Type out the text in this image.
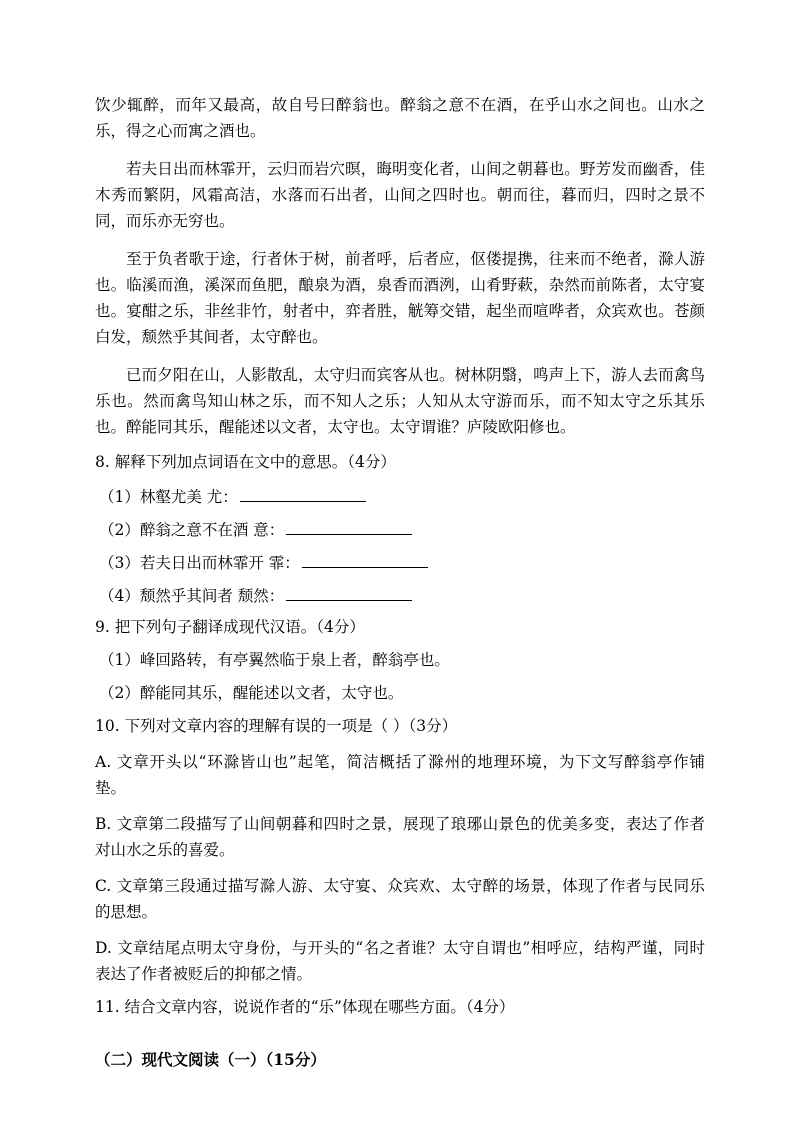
饮少辄醉，而年又最高，故自号曰醉翁也。醉翁之意不在酒，在乎山水之间也。山水之乐，得之心而寓之酒也。

若夫日出而林霏开，云归而岩穴暝，晦明变化者，山间之朝暮也。野芳发而幽香，佳木秀而繁阴，风霜高洁，水落而石出者，山间之四时也。朝而往，暮而归，四时之景不同，而乐亦无穷也。

至于负者歌于途，行者休于树，前者呼，后者应，伛偻提携，往来而不绝者，滁人游也。临溪而渔，溪深而鱼肥，酿泉为酒，泉香而酒洌，山肴野蔌，杂然而前陈者，太守宴也。宴酣之乐，非丝非竹，射者中，弈者胜，觥筹交错，起坐而喧哗者，众宾欢也。苍颜白发，颓然乎其间者，太守醉也。

已而夕阳在山，人影散乱，太守归而宾客从也。树林阴翳，鸣声上下，游人去而禽鸟乐也。然而禽鸟知山林之乐，而不知人之乐；人知从太守游而乐，而不知太守之乐其乐也。醉能同其乐，醒能述以文者，太守也。太守谓谁？庐陵欧阳修也。

8. 解释下列加点词语在文中的意思。（4分）
（1）林壑尤美 尤：
（2）醉翁之意不在酒 意：
（3）若夫日出而林霏开 霏：
（4）颓然乎其间者 颓然：
9. 把下列句子翻译成现代汉语。（4分）
（1）峰回路转，有亭翼然临于泉上者，醉翁亭也。
（2）醉能同其乐，醒能述以文者，太守也。
10. 下列对文章内容的理解有误的一项是（ ）（3分）

A. 文章开头以“环滁皆山也”起笔，简洁概括了滁州的地理环境，为下文写醉翁亭作铺垫。

B. 文章第二段描写了山间朝暮和四时之景，展现了琅琊山景色的优美多变，表达了作者对山水之乐的喜爱。

C. 文章第三段通过描写滁人游、太守宴、众宾欢、太守醉的场景，体现了作者与民同乐的思想。

D. 文章结尾点明太守身份，与开头的“名之者谁？太守自谓也”相呼应，结构严谨，同时表达了作者被贬后的抑郁之情。

11. 结合文章内容，说说作者的“乐”体现在哪些方面。（4分）
（二）现代文阅读（一）（15分）
